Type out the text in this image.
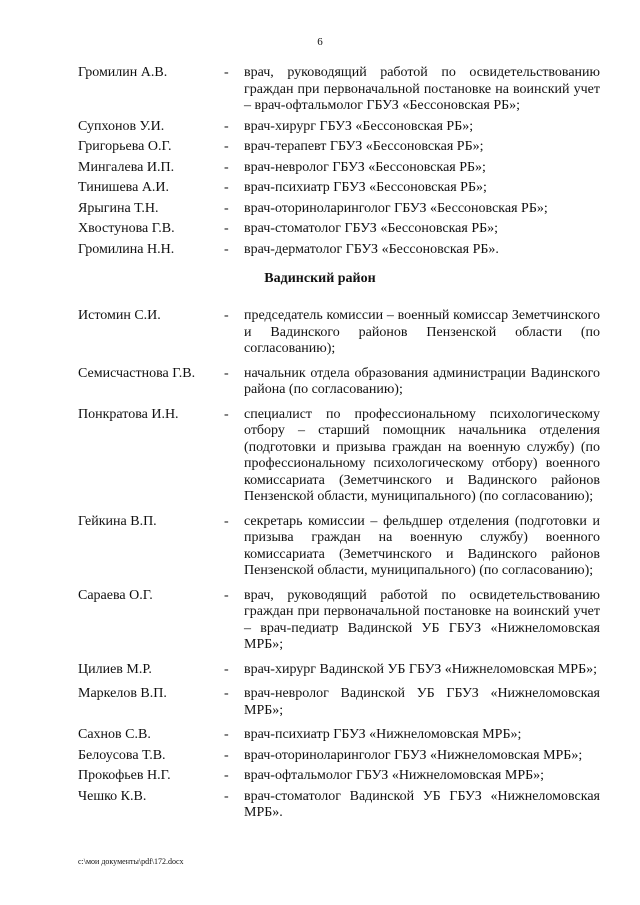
6
Громилин А.В.	-	врач, руководящий работой по освидетельствованию граждан при первоначальной постановке на воинский учет – врач-офтальмолог ГБУЗ «Бессоновская РБ»;
Супхонов У.И.	-	врач-хирург ГБУЗ «Бессоновская РБ»;
Григорьева О.Г.	-	врач-терапевт ГБУЗ «Бессоновская РБ»;
Мингалева И.П.	-	врач-невролог ГБУЗ «Бессоновская РБ»;
Тинишева А.И.	-	врач-психиатр ГБУЗ «Бессоновская РБ»;
Ярыгина Т.Н.	-	врач-оториноларинголог ГБУЗ «Бессоновская РБ»;
Хвостунова Г.В.	-	врач-стоматолог ГБУЗ «Бессоновская РБ»;
Громилина Н.Н.	-	врач-дерматолог ГБУЗ «Бессоновская РБ».
Вадинский район
Истомин С.И.	-	председатель комиссии – военный комиссар Земетчинского и Вадинского районов Пензенской области (по согласованию);
Семисчастнова Г.В.	-	начальник отдела образования администрации Вадинского района (по согласованию);
Понкратова И.Н.	-	специалист по профессиональному психологическому отбору – старший помощник начальника отделения (подготовки и призыва граждан на военную службу) (по профессиональному психологическому отбору) военного комиссариата (Земетчинского и Вадинского районов Пензенской области, муниципального) (по согласованию);
Гейкина В.П.	-	секретарь комиссии – фельдшер отделения (подготовки и призыва граждан на военную службу) военного комиссариата (Земетчинского и Вадинского районов Пензенской области, муниципального) (по согласованию);
Сараева О.Г.	-	врач, руководящий работой по освидетельствованию граждан при первоначальной постановке на воинский учет – врач-педиатр Вадинской УБ ГБУЗ «Нижнеломовская МРБ»;
Цилиев М.Р.	-	врач-хирург Вадинской УБ ГБУЗ «Нижнеломовская МРБ»;
Маркелов В.П.	-	врач-невролог Вадинской УБ ГБУЗ «Нижнеломовская МРБ»;
Сахнов С.В.	-	врач-психиатр ГБУЗ «Нижнеломовская МРБ»;
Белоусова Т.В.	-	врач-оториноларинголог ГБУЗ «Нижнеломовская МРБ»;
Прокофьев Н.Г.	-	врач-офтальмолог ГБУЗ «Нижнеломовская МРБ»;
Чешко К.В.	-	врач-стоматолог Вадинской УБ ГБУЗ «Нижнеломовская МРБ».
c:\мои документы\pdf\172.docx
